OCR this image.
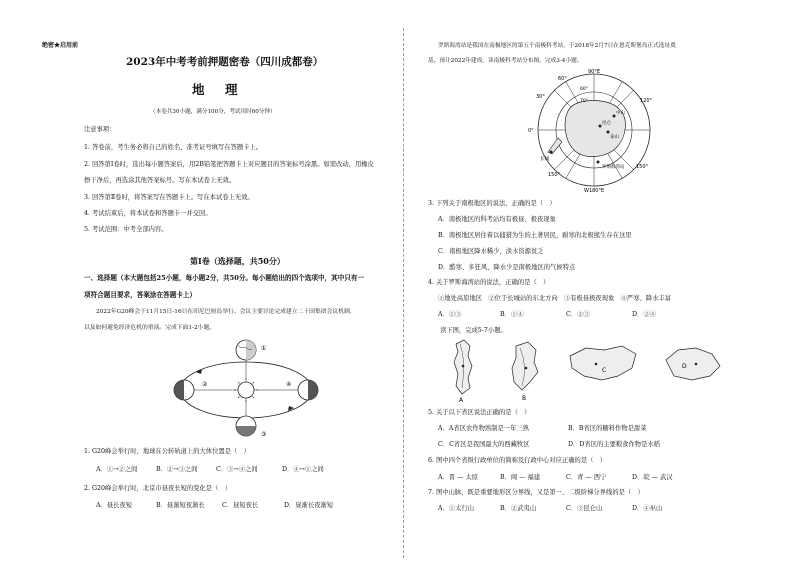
绝密★启用前
2023年中考考前押题密卷（四川成都卷）
地　理
（本卷共30小题，满分100分，考试用时60分钟）
注意事项：
1. 答卷前，考生务必将自己的姓名、准考证号填写在答题卡上。
2. 回答第Ⅰ卷时，选出每小题答案后，用2B铅笔把答题卡上对应题目的答案标号涂黑。如需改动，用橡皮
擦干净后，再选涂其他答案标号。写在本试卷上无效。
3. 回答第Ⅱ卷时，将答案写在答题卡上。写在本试卷上无效。
4. 考试结束后，将本试卷和答题卡一并交回。
5. 考试范围：中考全部内容。
第Ⅰ卷（选择题，共50分）
一、选择题（本大题包括25小题，每小题2分，共50分。每小题给出的四个选项中，其中只有一
项符合题目要求，答案涂在答题卡上）
2022年G20峰会于11月15日-16日在印尼巴厘岛举行。会议主要讨论完成建立二十国集团会议机制，
以及如何避免经济危机的重演。完成下面1-2小题。
①
②
③
④
1. G20峰会举行时，地球在公转轨道上的大体位置是（　）
A．①→②之间	B．②→③之间	C．③→④之间	D．④→①之间
2. G20峰会举行时，北京市昼夜长短的变化是（　）
A．昼长夜短	B．昼渐短夜渐长	C．昼短夜长	D．昼渐长夜渐短
罗斯海湾站是我国在南极地区的第五个南极科考站，于2018年2月7日在恩克斯堡岛正式选址奠
基，预计2022年建成。读南极科考站分布图，完成3-4小题。
90°E
60°
30°
0°
120°
150°
150°
W180°E
60°
70°
中山
昆仑
泰山
长城
罗斯海湾站
3. 下列关于南极地区的说法，正确的是（　）
A．南极地区的科考站均有极昼、极夜现象
B．南极地区居住着以捕猎为生的土著居民，耐寒的北极熊生存在这里
C．南极地区降水稀少，淡水资源贫乏
D．酷寒、多狂风、降水少是南极地区的气候特点
4. 关于罗斯海湾站的说法，正确的是（　）
①地处高原地区　②位于长城站的东北方向　③有极昼极夜现象　④严寒、降水丰富
A．①③	B．①④	C．②③	D．②④
读下图，完成5-7小题。
A	B
C
D
5. 关于以下省区说法正确的是（　）
A．A省区农作物熟制是一年三熟	B．B省区的糖料作物是甜菜
C．C省区是我国最大的西藏牧区	D．D省区的主要粮食作物是水稻
6. 图中四个省级行政单位的简称及行政中心对应正确的是（　）
A．晋 — 太原	B．闽 — 福建	C．青 — 西宁	D．皖 — 武汉
7. 图中山脉，既是重要地形区分界线，又是第一、二级阶梯分界线的是（　）
A．①太行山	B．②武夷山	C．③昆仑山	D．④巫山
